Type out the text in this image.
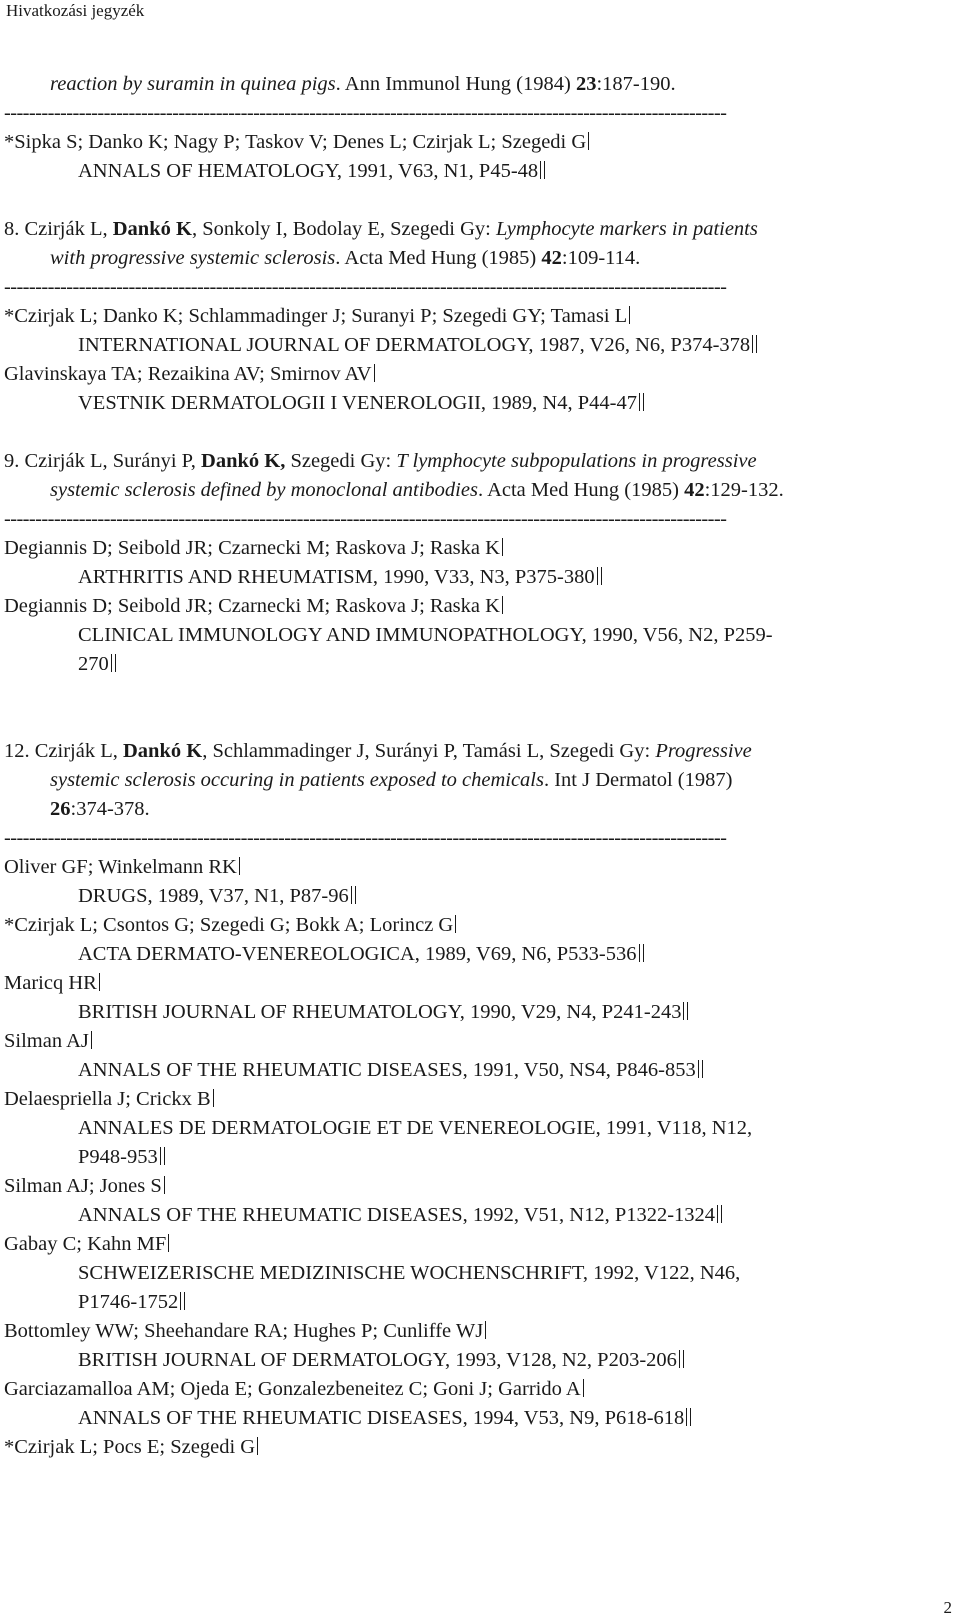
Hivatkozási jegyzék
reaction by suramin in quinea pigs. Ann Immunol Hung (1984) 23:187-190.
--------------------------------------------------------------------------------------------------------------------
*Sipka S; Danko K; Nagy P; Taskov V; Denes L; Czirjak L; Szegedi G
ANNALS OF HEMATOLOGY, 1991, V63, N1, P45-48
8. Czirják L, Dankó K, Sonkoly I, Bodolay E, Szegedi Gy: Lymphocyte markers in patients
with progressive systemic sclerosis. Acta Med Hung (1985) 42:109-114.
--------------------------------------------------------------------------------------------------------------------
*Czirjak L; Danko K; Schlammadinger J; Suranyi P; Szegedi GY; Tamasi L
INTERNATIONAL JOURNAL OF DERMATOLOGY, 1987, V26, N6, P374-378
Glavinskaya TA; Rezaikina AV; Smirnov AV
VESTNIK DERMATOLOGII I VENEROLOGII, 1989, N4, P44-47
9. Czirják L, Surányi P, Dankó K, Szegedi Gy: T lymphocyte subpopulations in progressive
systemic sclerosis defined by monoclonal antibodies. Acta Med Hung (1985) 42:129-132.
--------------------------------------------------------------------------------------------------------------------
Degiannis D; Seibold JR; Czarnecki M; Raskova J; Raska K
ARTHRITIS AND RHEUMATISM, 1990, V33, N3, P375-380
Degiannis D; Seibold JR; Czarnecki M; Raskova J; Raska K
CLINICAL IMMUNOLOGY AND IMMUNOPATHOLOGY, 1990, V56, N2, P259-
270
12. Czirják L, Dankó K, Schlammadinger J, Surányi P, Tamási L, Szegedi Gy: Progressive
systemic sclerosis occuring in patients exposed to chemicals. Int J Dermatol (1987)
26:374-378.
--------------------------------------------------------------------------------------------------------------------
Oliver GF; Winkelmann RK
DRUGS, 1989, V37, N1, P87-96
*Czirjak L; Csontos G; Szegedi G; Bokk A; Lorincz G
ACTA DERMATO-VENEREOLOGICA, 1989, V69, N6, P533-536
Maricq HR
BRITISH JOURNAL OF RHEUMATOLOGY, 1990, V29, N4, P241-243
Silman AJ
ANNALS OF THE RHEUMATIC DISEASES, 1991, V50, NS4, P846-853
Delaespriella J; Crickx B
ANNALES DE DERMATOLOGIE ET DE VENEREOLOGIE, 1991, V118, N12,
P948-953
Silman AJ; Jones S
ANNALS OF THE RHEUMATIC DISEASES, 1992, V51, N12, P1322-1324
Gabay C; Kahn MF
SCHWEIZERISCHE MEDIZINISCHE WOCHENSCHRIFT, 1992, V122, N46,
P1746-1752
Bottomley WW; Sheehandare RA; Hughes P; Cunliffe WJ
BRITISH JOURNAL OF DERMATOLOGY, 1993, V128, N2, P203-206
Garciazamalloa AM; Ojeda E; Gonzalezbeneitez C; Goni J; Garrido A
ANNALS OF THE RHEUMATIC DISEASES, 1994, V53, N9, P618-618
*Czirjak L; Pocs E; Szegedi G
2
